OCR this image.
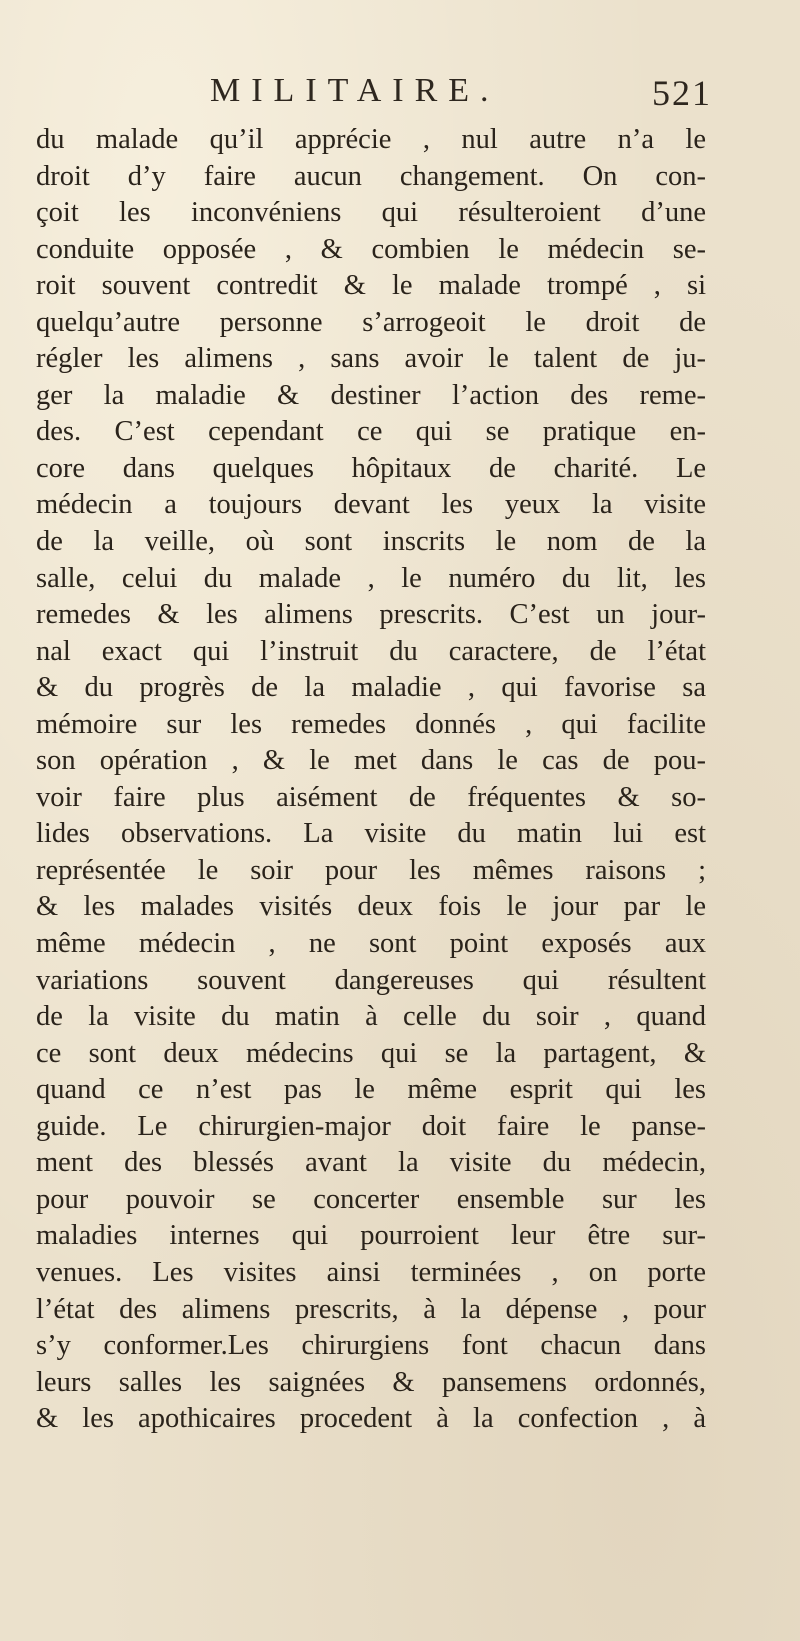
MILITAIRE.	521
du malade qu’il apprécie , nul autre n’a le
droit d’y faire aucun changement. On con-
çoit les inconvéniens qui résulteroient d’une
conduite opposée , & combien le médecin se-
roit souvent contredit & le malade trompé , si
quelqu’autre personne s’arrogeoit le droit de
régler les alimens , sans avoir le talent de ju-
ger la maladie & destiner l’action des reme-
des. C’est cependant ce qui se pratique en-
core dans quelques hôpitaux de charité. Le
médecin a toujours devant les yeux la visite
de la veille, où sont inscrits le nom de la
salle, celui du malade , le numéro du lit, les
remedes & les alimens prescrits. C’est un jour-
nal exact qui l’instruit du caractere, de l’état
& du progrès de la maladie , qui favorise sa
mémoire sur les remedes donnés , qui facilite
son opération , & le met dans le cas de pou-
voir faire plus aisément de fréquentes & so-
lides observations. La visite du matin lui est
représentée le soir pour les mêmes raisons ;
& les malades visités deux fois le jour par le
même médecin , ne sont point exposés aux
variations souvent dangereuses qui résultent
de la visite du matin à celle du soir , quand
ce sont deux médecins qui se la partagent, &
quand ce n’est pas le même esprit qui les
guide. Le chirurgien-major doit faire le panse-
ment des blessés avant la visite du médecin,
pour pouvoir se concerter ensemble sur les
maladies internes qui pourroient leur être sur-
venues. Les visites ainsi terminées , on porte
l’état des alimens prescrits, à la dépense , pour
s’y conformer.Les chirurgiens font chacun dans
leurs salles les saignées & pansemens ordonnés,
& les apothicaires procedent à la confection , à
